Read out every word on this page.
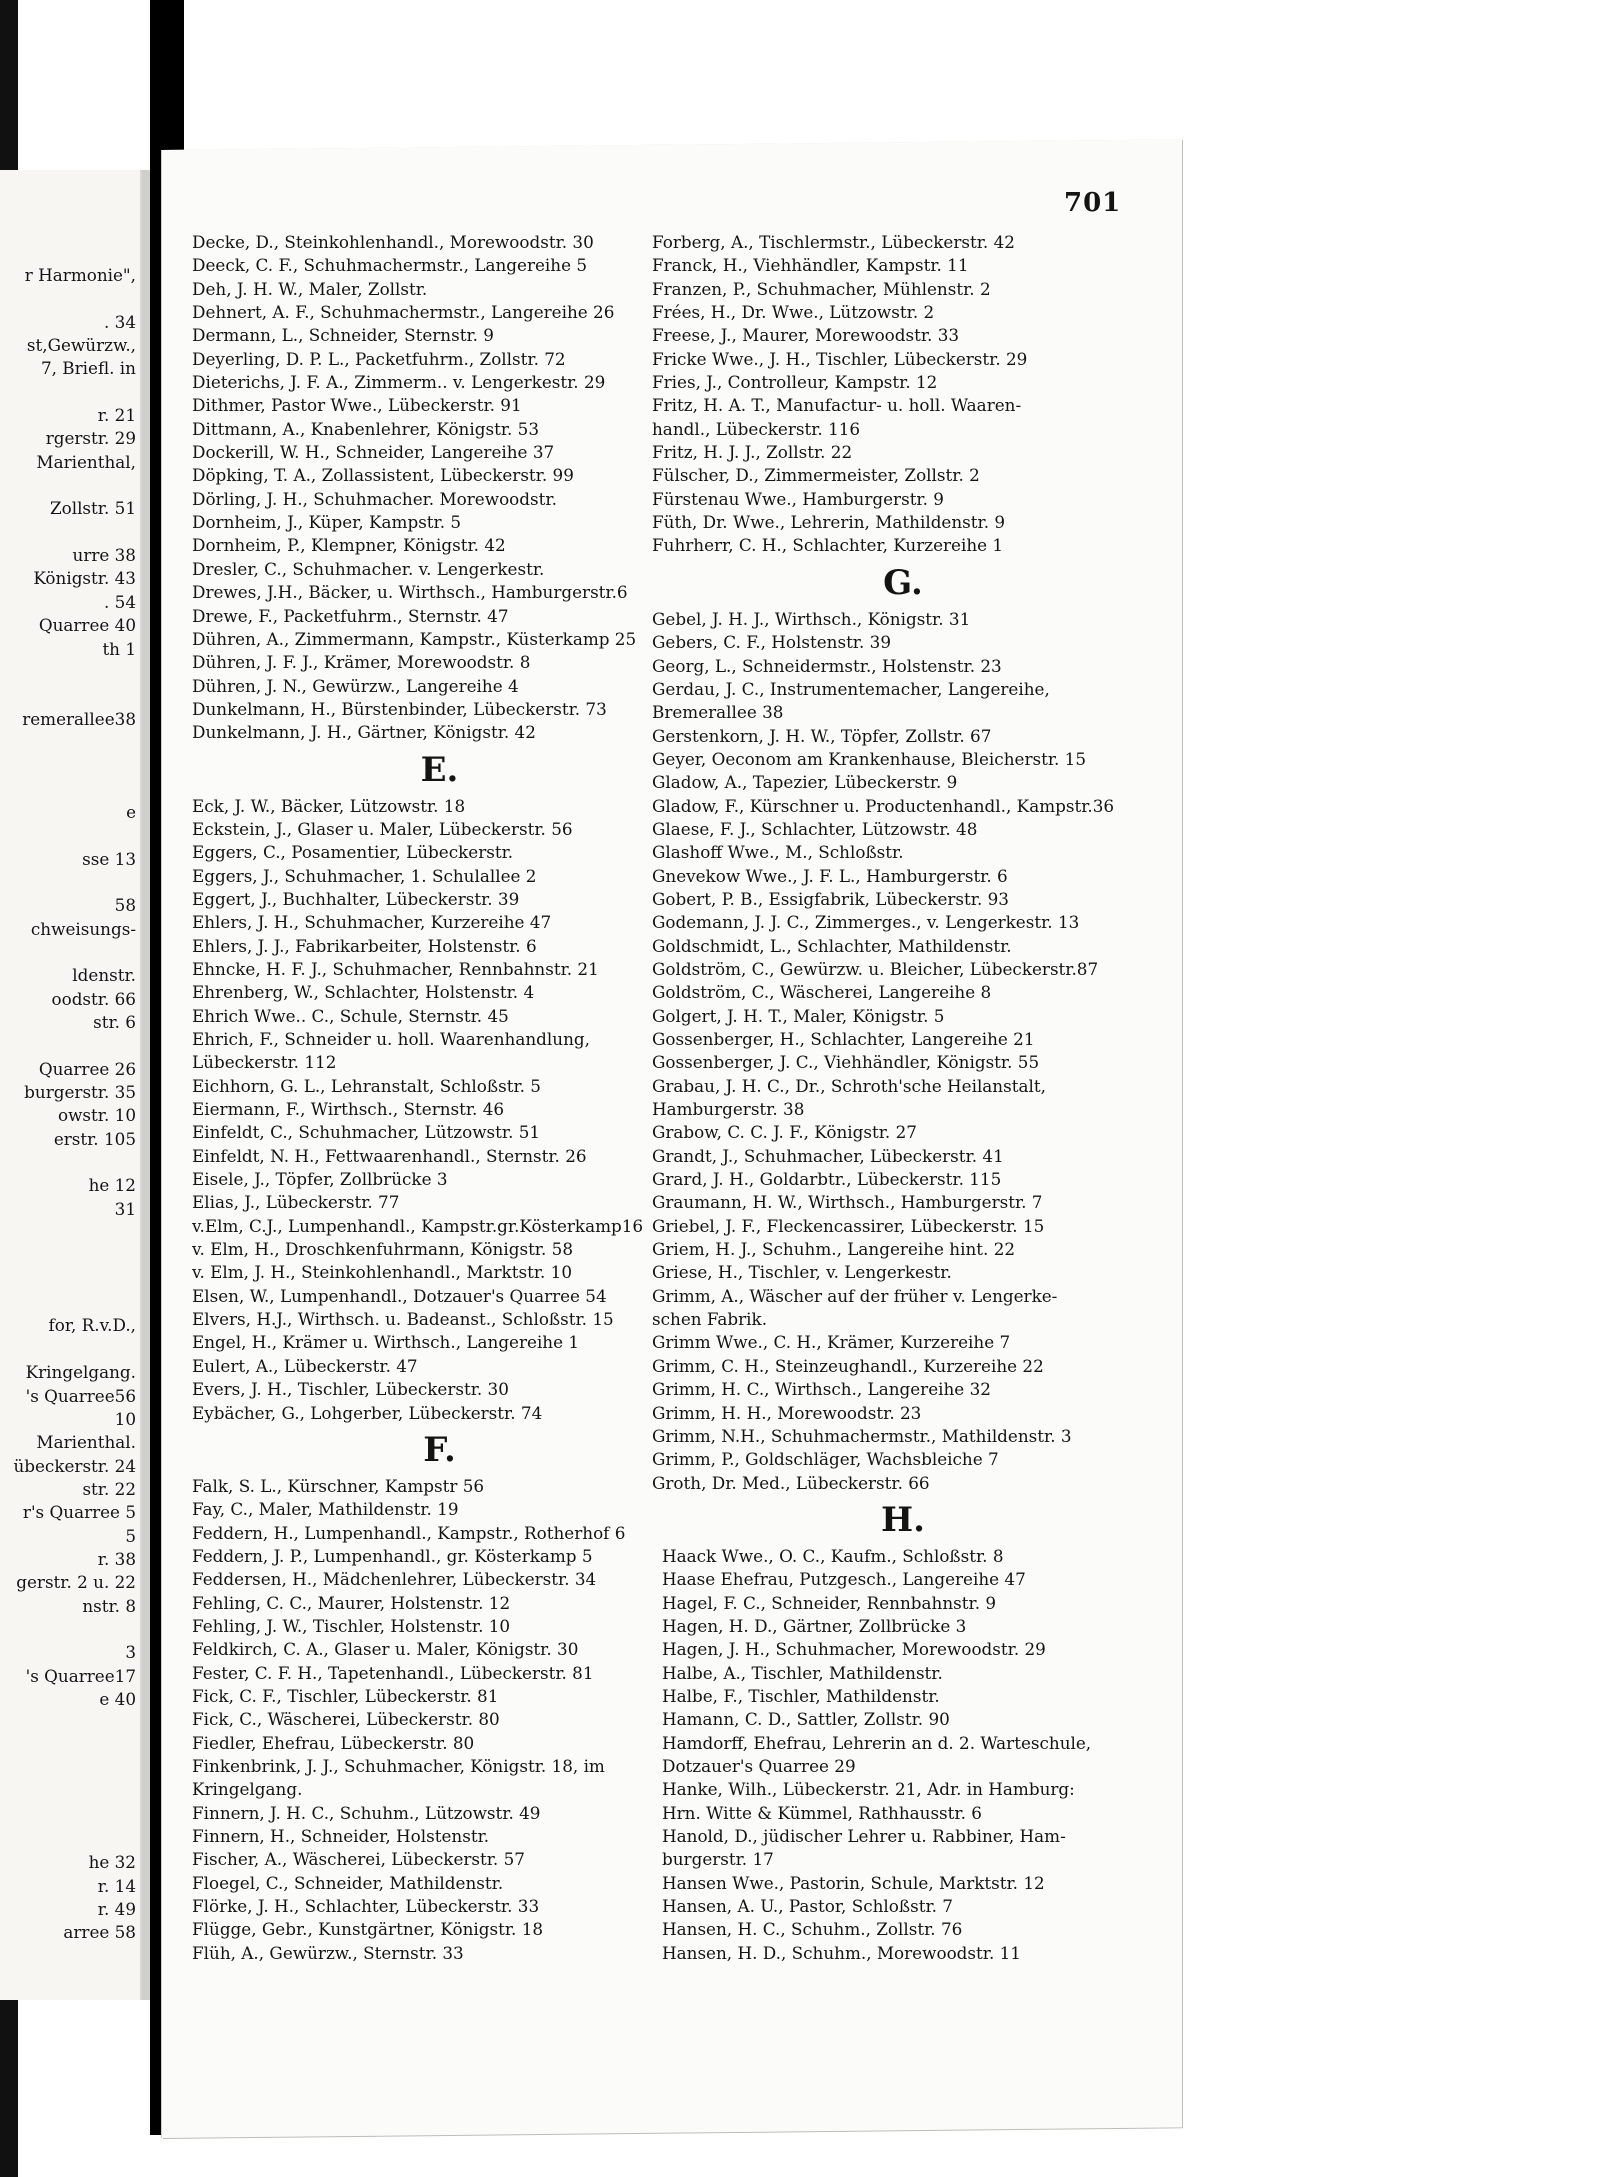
r Harmonie",
. 34
st,Gewürzw.,
7, Briefl. in
r. 21
rgerstr. 29
Marienthal,
Zollstr. 51
urre 38
Königstr. 43
. 54
Quarree 40
th 1
remerallee38
e
sse 13
58
chweisungs-
ldenstr.
oodstr. 66
str. 6
Quarree 26
burgerstr. 35
owstr. 10
erstr. 105
he 12
31
for, R.v.D.,
Kringelgang.
's Quarree56
10
Marienthal.
übeckerstr. 24
str. 22
r's Quarree 5
5
r. 38
gerstr. 2 u. 22
nstr. 8
3
's Quarree17
e 40
he 32
r. 14
r. 49
arree 58
701
Decke, D., Steinkohlenhandl., Morewoodstr. 30
Deeck, C. F., Schuhmachermstr., Langereihe 5
Deh, J. H. W., Maler, Zollstr.
Dehnert, A. F., Schuhmachermstr., Langereihe 26
Dermann, L., Schneider, Sternstr. 9
Deyerling, D. P. L., Packetfuhrm., Zollstr. 72
Dieterichs, J. F. A., Zimmerm.. v. Lengerkestr. 29
Dithmer, Pastor Wwe., Lübeckerstr. 91
Dittmann, A., Knabenlehrer, Königstr. 53
Dockerill, W. H., Schneider, Langereihe 37
Döpking, T. A., Zollassistent, Lübeckerstr. 99
Dörling, J. H., Schuhmacher. Morewoodstr.
Dornheim, J., Küper, Kampstr. 5
Dornheim, P., Klempner, Königstr. 42
Dresler, C., Schuhmacher. v. Lengerkestr.
Drewes, J.H., Bäcker, u. Wirthsch., Hamburgerstr.6
Drewe, F., Packetfuhrm., Sternstr. 47
Dühren, A., Zimmermann, Kampstr., Küsterkamp 25
Dühren, J. F. J., Krämer, Morewoodstr. 8
Dühren, J. N., Gewürzw., Langereihe 4
Dunkelmann, H., Bürstenbinder, Lübeckerstr. 73
Dunkelmann, J. H., Gärtner, Königstr. 42
E.
Eck, J. W., Bäcker, Lützowstr. 18
Eckstein, J., Glaser u. Maler, Lübeckerstr. 56
Eggers, C., Posamentier, Lübeckerstr.
Eggers, J., Schuhmacher, 1. Schulallee 2
Eggert, J., Buchhalter, Lübeckerstr. 39
Ehlers, J. H., Schuhmacher, Kurzereihe 47
Ehlers, J. J., Fabrikarbeiter, Holstenstr. 6
Ehncke, H. F. J., Schuhmacher, Rennbahnstr. 21
Ehrenberg, W., Schlachter, Holstenstr. 4
Ehrich Wwe.. C., Schule, Sternstr. 45
Ehrich, F., Schneider u. holl. Waarenhandlung,
Lübeckerstr. 112
Eichhorn, G. L., Lehranstalt, Schloßstr. 5
Eiermann, F., Wirthsch., Sternstr. 46
Einfeldt, C., Schuhmacher, Lützowstr. 51
Einfeldt, N. H., Fettwaarenhandl., Sternstr. 26
Eisele, J., Töpfer, Zollbrücke 3
Elias, J., Lübeckerstr. 77
v.Elm, C.J., Lumpenhandl., Kampstr.gr.Kösterkamp16
v. Elm, H., Droschkenfuhrmann, Königstr. 58
v. Elm, J. H., Steinkohlenhandl., Marktstr. 10
Elsen, W., Lumpenhandl., Dotzauer's Quarree 54
Elvers, H.J., Wirthsch. u. Badeanst., Schloßstr. 15
Engel, H., Krämer u. Wirthsch., Langereihe 1
Eulert, A., Lübeckerstr. 47
Evers, J. H., Tischler, Lübeckerstr. 30
Eybächer, G., Lohgerber, Lübeckerstr. 74
F.
Falk, S. L., Kürschner, Kampstr 56
Fay, C., Maler, Mathildenstr. 19
Feddern, H., Lumpenhandl., Kampstr., Rotherhof 6
Feddern, J. P., Lumpenhandl., gr. Kösterkamp 5
Feddersen, H., Mädchenlehrer, Lübeckerstr. 34
Fehling, C. C., Maurer, Holstenstr. 12
Fehling, J. W., Tischler, Holstenstr. 10
Feldkirch, C. A., Glaser u. Maler, Königstr. 30
Fester, C. F. H., Tapetenhandl., Lübeckerstr. 81
Fick, C. F., Tischler, Lübeckerstr. 81
Fick, C., Wäscherei, Lübeckerstr. 80
Fiedler, Ehefrau, Lübeckerstr. 80
Finkenbrink, J. J., Schuhmacher, Königstr. 18, im
Kringelgang.
Finnern, J. H. C., Schuhm., Lützowstr. 49
Finnern, H., Schneider, Holstenstr.
Fischer, A., Wäscherei, Lübeckerstr. 57
Floegel, C., Schneider, Mathildenstr.
Flörke, J. H., Schlachter, Lübeckerstr. 33
Flügge, Gebr., Kunstgärtner, Königstr. 18
Flüh, A., Gewürzw., Sternstr. 33
Forberg, A., Tischlermstr., Lübeckerstr. 42
Franck, H., Viehhändler, Kampstr. 11
Franzen, P., Schuhmacher, Mühlenstr. 2
Frées, H., Dr. Wwe., Lützowstr. 2
Freese, J., Maurer, Morewoodstr. 33
Fricke Wwe., J. H., Tischler, Lübeckerstr. 29
Fries, J., Controlleur, Kampstr. 12
Fritz, H. A. T., Manufactur- u. holl. Waaren-
handl., Lübeckerstr. 116
Fritz, H. J. J., Zollstr. 22
Fülscher, D., Zimmermeister, Zollstr. 2
Fürstenau Wwe., Hamburgerstr. 9
Füth, Dr. Wwe., Lehrerin, Mathildenstr. 9
Fuhrherr, C. H., Schlachter, Kurzereihe 1
G.
Gebel, J. H. J., Wirthsch., Königstr. 31
Gebers, C. F., Holstenstr. 39
Georg, L., Schneidermstr., Holstenstr. 23
Gerdau, J. C., Instrumentemacher, Langereihe,
Bremerallee 38
Gerstenkorn, J. H. W., Töpfer, Zollstr. 67
Geyer, Oeconom am Krankenhause, Bleicherstr. 15
Gladow, A., Tapezier, Lübeckerstr. 9
Gladow, F., Kürschner u. Productenhandl., Kampstr.36
Glaese, F. J., Schlachter, Lützowstr. 48
Glashoff Wwe., M., Schloßstr.
Gnevekow Wwe., J. F. L., Hamburgerstr. 6
Gobert, P. B., Essigfabrik, Lübeckerstr. 93
Godemann, J. J. C., Zimmerges., v. Lengerkestr. 13
Goldschmidt, L., Schlachter, Mathildenstr.
Goldström, C., Gewürzw. u. Bleicher, Lübeckerstr.87
Goldström, C., Wäscherei, Langereihe 8
Golgert, J. H. T., Maler, Königstr. 5
Gossenberger, H., Schlachter, Langereihe 21
Gossenberger, J. C., Viehhändler, Königstr. 55
Grabau, J. H. C., Dr., Schroth'sche Heilanstalt,
Hamburgerstr. 38
Grabow, C. C. J. F., Königstr. 27
Grandt, J., Schuhmacher, Lübeckerstr. 41
Grard, J. H., Goldarbtr., Lübeckerstr. 115
Graumann, H. W., Wirthsch., Hamburgerstr. 7
Griebel, J. F., Fleckencassirer, Lübeckerstr. 15
Griem, H. J., Schuhm., Langereihe hint. 22
Griese, H., Tischler, v. Lengerkestr.
Grimm, A., Wäscher auf der früher v. Lengerke-
schen Fabrik.
Grimm Wwe., C. H., Krämer, Kurzereihe 7
Grimm, C. H., Steinzeughandl., Kurzereihe 22
Grimm, H. C., Wirthsch., Langereihe 32
Grimm, H. H., Morewoodstr. 23
Grimm, N.H., Schuhmachermstr., Mathildenstr. 3
Grimm, P., Goldschläger, Wachsbleiche 7
Groth, Dr. Med., Lübeckerstr. 66
H.
Haack Wwe., O. C., Kaufm., Schloßstr. 8
Haase Ehefrau, Putzgesch., Langereihe 47
Hagel, F. C., Schneider, Rennbahnstr. 9
Hagen, H. D., Gärtner, Zollbrücke 3
Hagen, J. H., Schuhmacher, Morewoodstr. 29
Halbe, A., Tischler, Mathildenstr.
Halbe, F., Tischler, Mathildenstr.
Hamann, C. D., Sattler, Zollstr. 90
Hamdorff, Ehefrau, Lehrerin an d. 2. Warteschule,
Dotzauer's Quarree 29
Hanke, Wilh., Lübeckerstr. 21, Adr. in Hamburg:
Hrn. Witte & Kümmel, Rathhausstr. 6
Hanold, D., jüdischer Lehrer u. Rabbiner, Ham-
burgerstr. 17
Hansen Wwe., Pastorin, Schule, Marktstr. 12
Hansen, A. U., Pastor, Schloßstr. 7
Hansen, H. C., Schuhm., Zollstr. 76
Hansen, H. D., Schuhm., Morewoodstr. 11
